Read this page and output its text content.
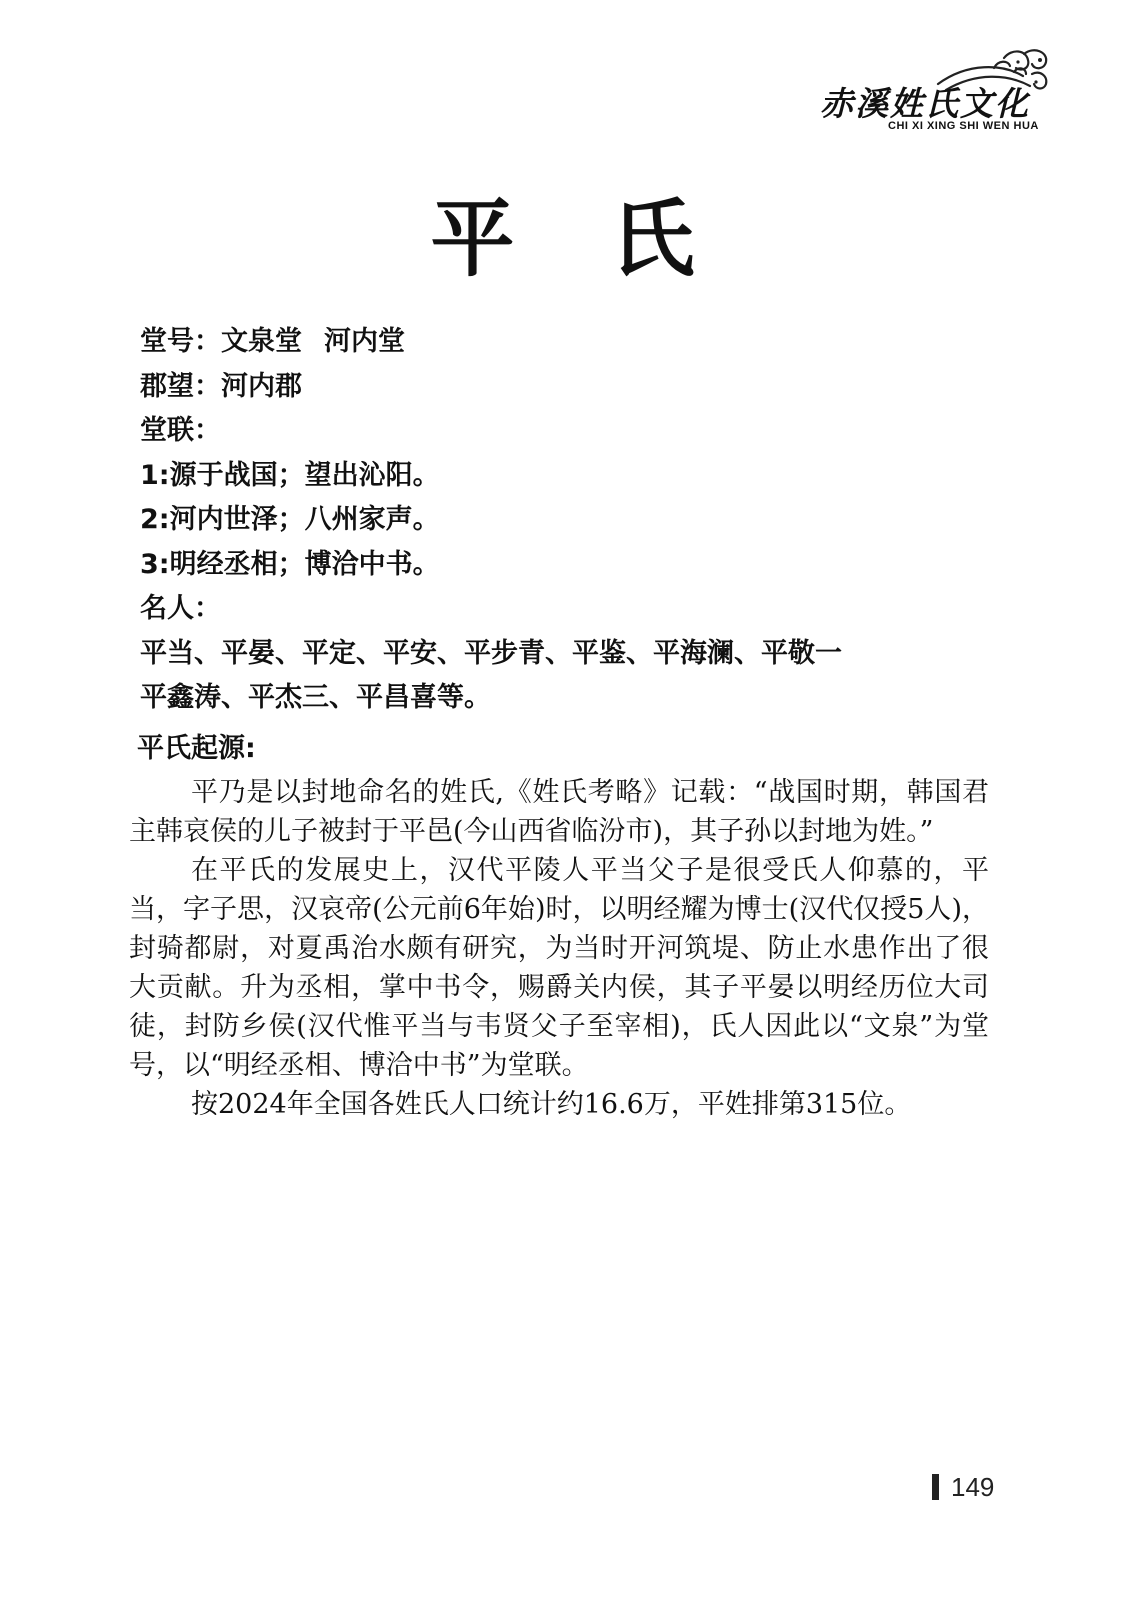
赤溪姓氏文化
CHI XI XING SHI WEN HUA
平氏
堂号：文泉堂 河内堂
郡望：河内郡
堂联：
1:源于战国；望出沁阳。
2:河内世泽；八州家声。
3:明经丞相；博洽中书。
名人：
平当、平晏、平定、平安、平步青、平鉴、平海澜、平敬一
平鑫涛、平杰三、平昌喜等。
平氏起源:

平乃是以封地命名的姓氏,《姓氏考略》记载：“战国时期，韩国君主韩哀侯的儿子被封于平邑(今山西省临汾市)，其子孙以封地为姓。”

在平氏的发展史上，汉代平陵人平当父子是很受氏人仰慕的，平当，字子思，汉哀帝(公元前6年始)时，以明经耀为博士(汉代仅授5人)，封骑都尉，对夏禹治水颇有研究，为当时开河筑堤、防止水患作出了很大贡献。升为丞相，掌中书令，赐爵关内侯，其子平晏以明经历位大司徒，封防乡侯(汉代惟平当与韦贤父子至宰相)，氏人因此以“文泉”为堂号，以“明经丞相、博洽中书”为堂联。

按2024年全国各姓氏人口统计约16.6万，平姓排第315位。

149
